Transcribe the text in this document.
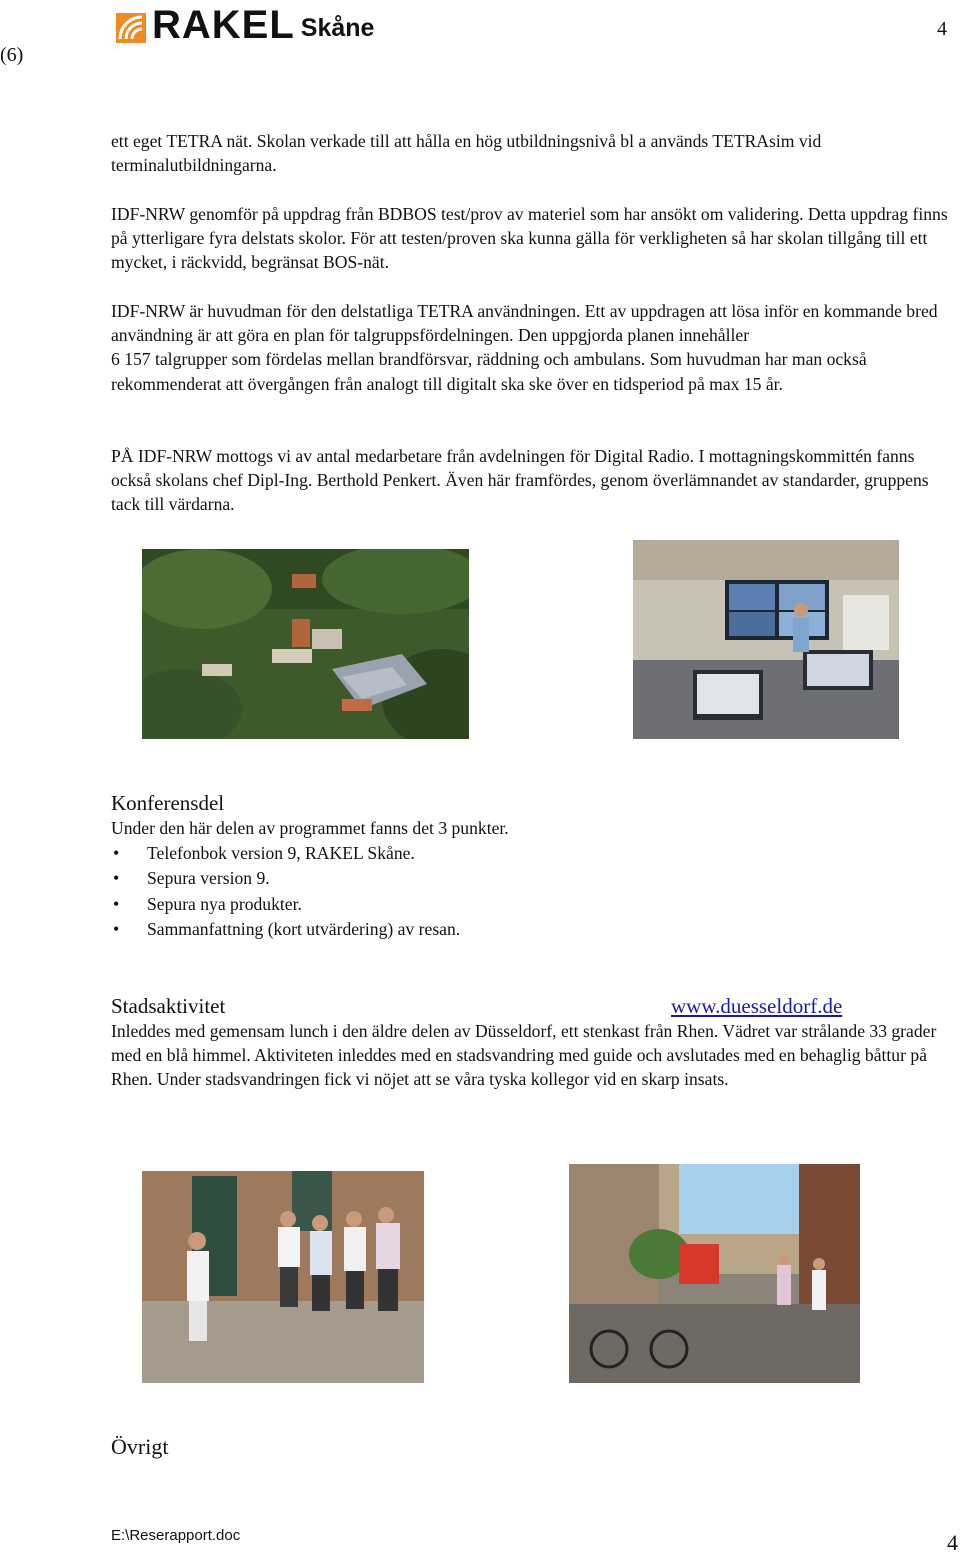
(6)
RAKEL Skåne	4

ett eget TETRA nät. Skolan verkade till att hålla en hög utbildningsnivå bl a används TETRAsim vid terminalutbildningarna.

IDF-NRW genomför på uppdrag från BDBOS test/prov av materiel som har ansökt om validering. Detta uppdrag finns på ytterligare fyra delstats skolor. För att testen/proven ska kunna gälla för verkligheten så har skolan tillgång till ett mycket, i räckvidd, begränsat BOS-nät.

IDF-NRW är huvudman för den delstatliga TETRA användningen. Ett av uppdragen att lösa inför en kommande bred användning är att göra en plan för talgruppsfördelningen. Den uppgjorda planen innehåller

6 157 talgrupper som fördelas mellan brandförsvar, räddning och ambulans. Som huvudman har man också rekommenderat att övergången från analogt till digitalt ska ske över en tidsperiod på max 15 år.

PÅ IDF-NRW mottogs vi av antal medarbetare från avdelningen för Digital Radio. I mottagningskommittén fanns också skolans chef Dipl-Ing. Berthold Penkert. Även här framfördes, genom överlämnandet av standarder, gruppens tack till värdarna.

Konferensdel

Under den här delen av programmet fanns det 3 punkter.

• Telefonbok version 9, RAKEL Skåne.
• Sepura version 9.
• Sepura nya produkter.
• Sammanfattning (kort utvärdering) av resan.
Stadsaktivitet

Inleddes med gemensam lunch i den äldre delen av Düsseldorf, ett stenkast från Rhen. Vädret var strålande 33 grader med en blå himmel. Aktiviteten inleddes med en stadsvandring med guide och avslutades med en behaglig båttur på Rhen. Under stadsvandringen fick vi nöjet att se våra tyska kollegor vid en skarp insats.

www.duesseldorf.de
Övrigt
E:\Reserapport.doc	4
